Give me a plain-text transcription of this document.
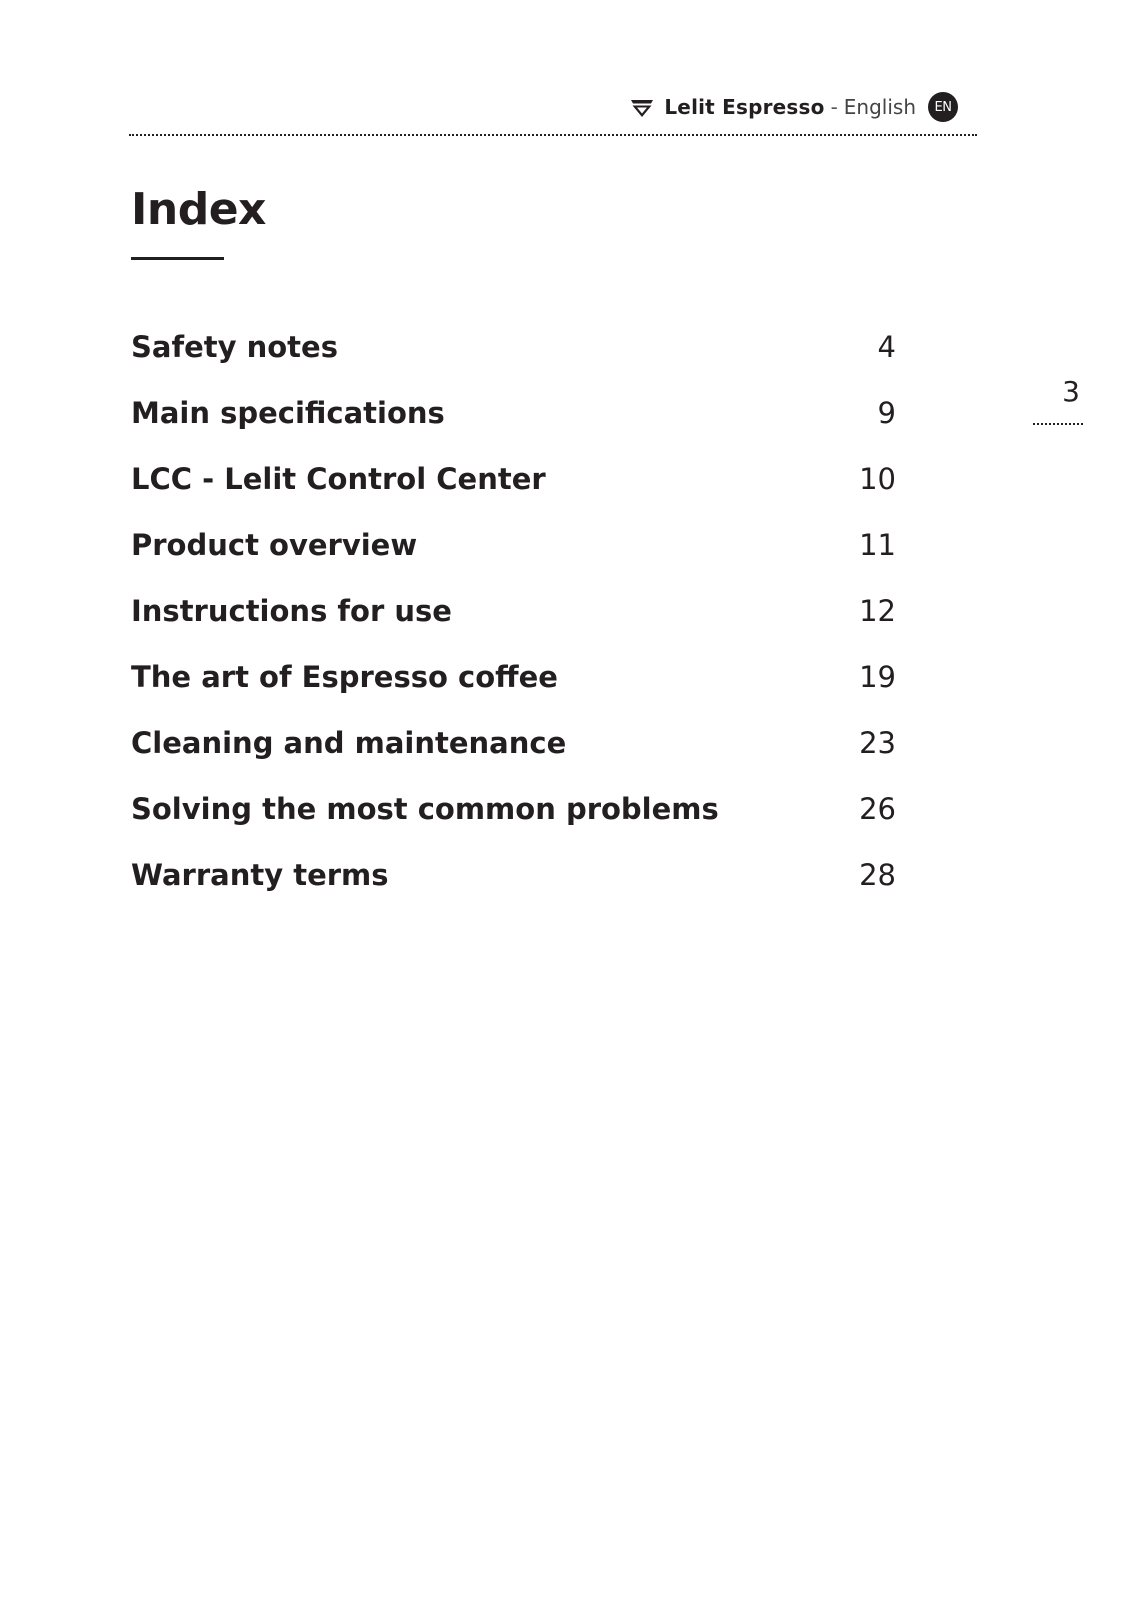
Lelit Espresso - English	EN
Index
Safety notes	4
Main specifications	9
LCC - Lelit Control Center	10
Product overview	11
Instructions for use	12
The art of Espresso coffee	19
Cleaning and maintenance	23
Solving the most common problems	26
Warranty terms	28
3
